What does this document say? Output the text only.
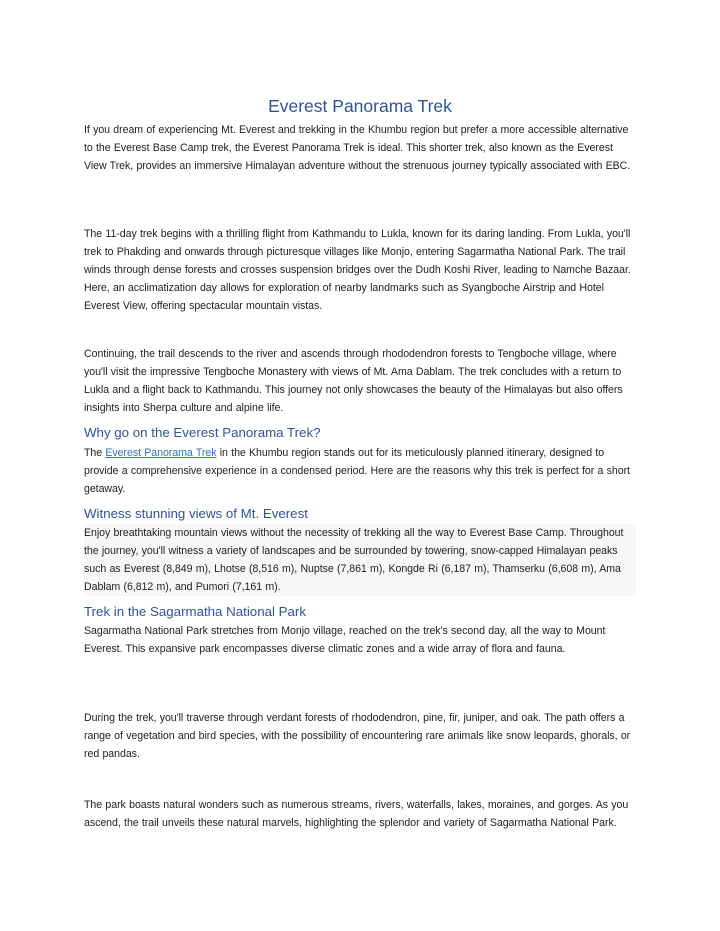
Everest Panorama Trek

If you dream of experiencing Mt. Everest and trekking in the Khumbu region but prefer a more accessible alternative to the Everest Base Camp trek, the Everest Panorama Trek is ideal. This shorter trek, also known as the Everest View Trek, provides an immersive Himalayan adventure without the strenuous journey typically associated with EBC.

The 11-day trek begins with a thrilling flight from Kathmandu to Lukla, known for its daring landing. From Lukla, you'll trek to Phakding and onwards through picturesque villages like Monjo, entering Sagarmatha National Park. The trail winds through dense forests and crosses suspension bridges over the Dudh Koshi River, leading to Namche Bazaar. Here, an acclimatization day allows for exploration of nearby landmarks such as Syangboche Airstrip and Hotel Everest View, offering spectacular mountain vistas.

Continuing, the trail descends to the river and ascends through rhododendron forests to Tengboche village, where you'll visit the impressive Tengboche Monastery with views of Mt. Ama Dablam. The trek concludes with a return to Lukla and a flight back to Kathmandu. This journey not only showcases the beauty of the Himalayas but also offers insights into Sherpa culture and alpine life.

Why go on the Everest Panorama Trek?

The Everest Panorama Trek in the Khumbu region stands out for its meticulously planned itinerary, designed to provide a comprehensive experience in a condensed period. Here are the reasons why this trek is perfect for a short getaway.

Witness stunning views of Mt. Everest

Enjoy breathtaking mountain views without the necessity of trekking all the way to Everest Base Camp. Throughout the journey, you'll witness a variety of landscapes and be surrounded by towering, snow-capped Himalayan peaks such as Everest (8,849 m), Lhotse (8,516 m), Nuptse (7,861 m), Kongde Ri (6,187 m), Thamserku (6,608 m), Ama Dablam (6,812 m), and Pumori (7,161 m).

Trek in the Sagarmatha National Park

Sagarmatha National Park stretches from Monjo village, reached on the trek's second day, all the way to Mount Everest. This expansive park encompasses diverse climatic zones and a wide array of flora and fauna.

During the trek, you'll traverse through verdant forests of rhododendron, pine, fir, juniper, and oak. The path offers a range of vegetation and bird species, with the possibility of encountering rare animals like snow leopards, ghorals, or red pandas.

The park boasts natural wonders such as numerous streams, rivers, waterfalls, lakes, moraines, and gorges. As you ascend, the trail unveils these natural marvels, highlighting the splendor and variety of Sagarmatha National Park.
